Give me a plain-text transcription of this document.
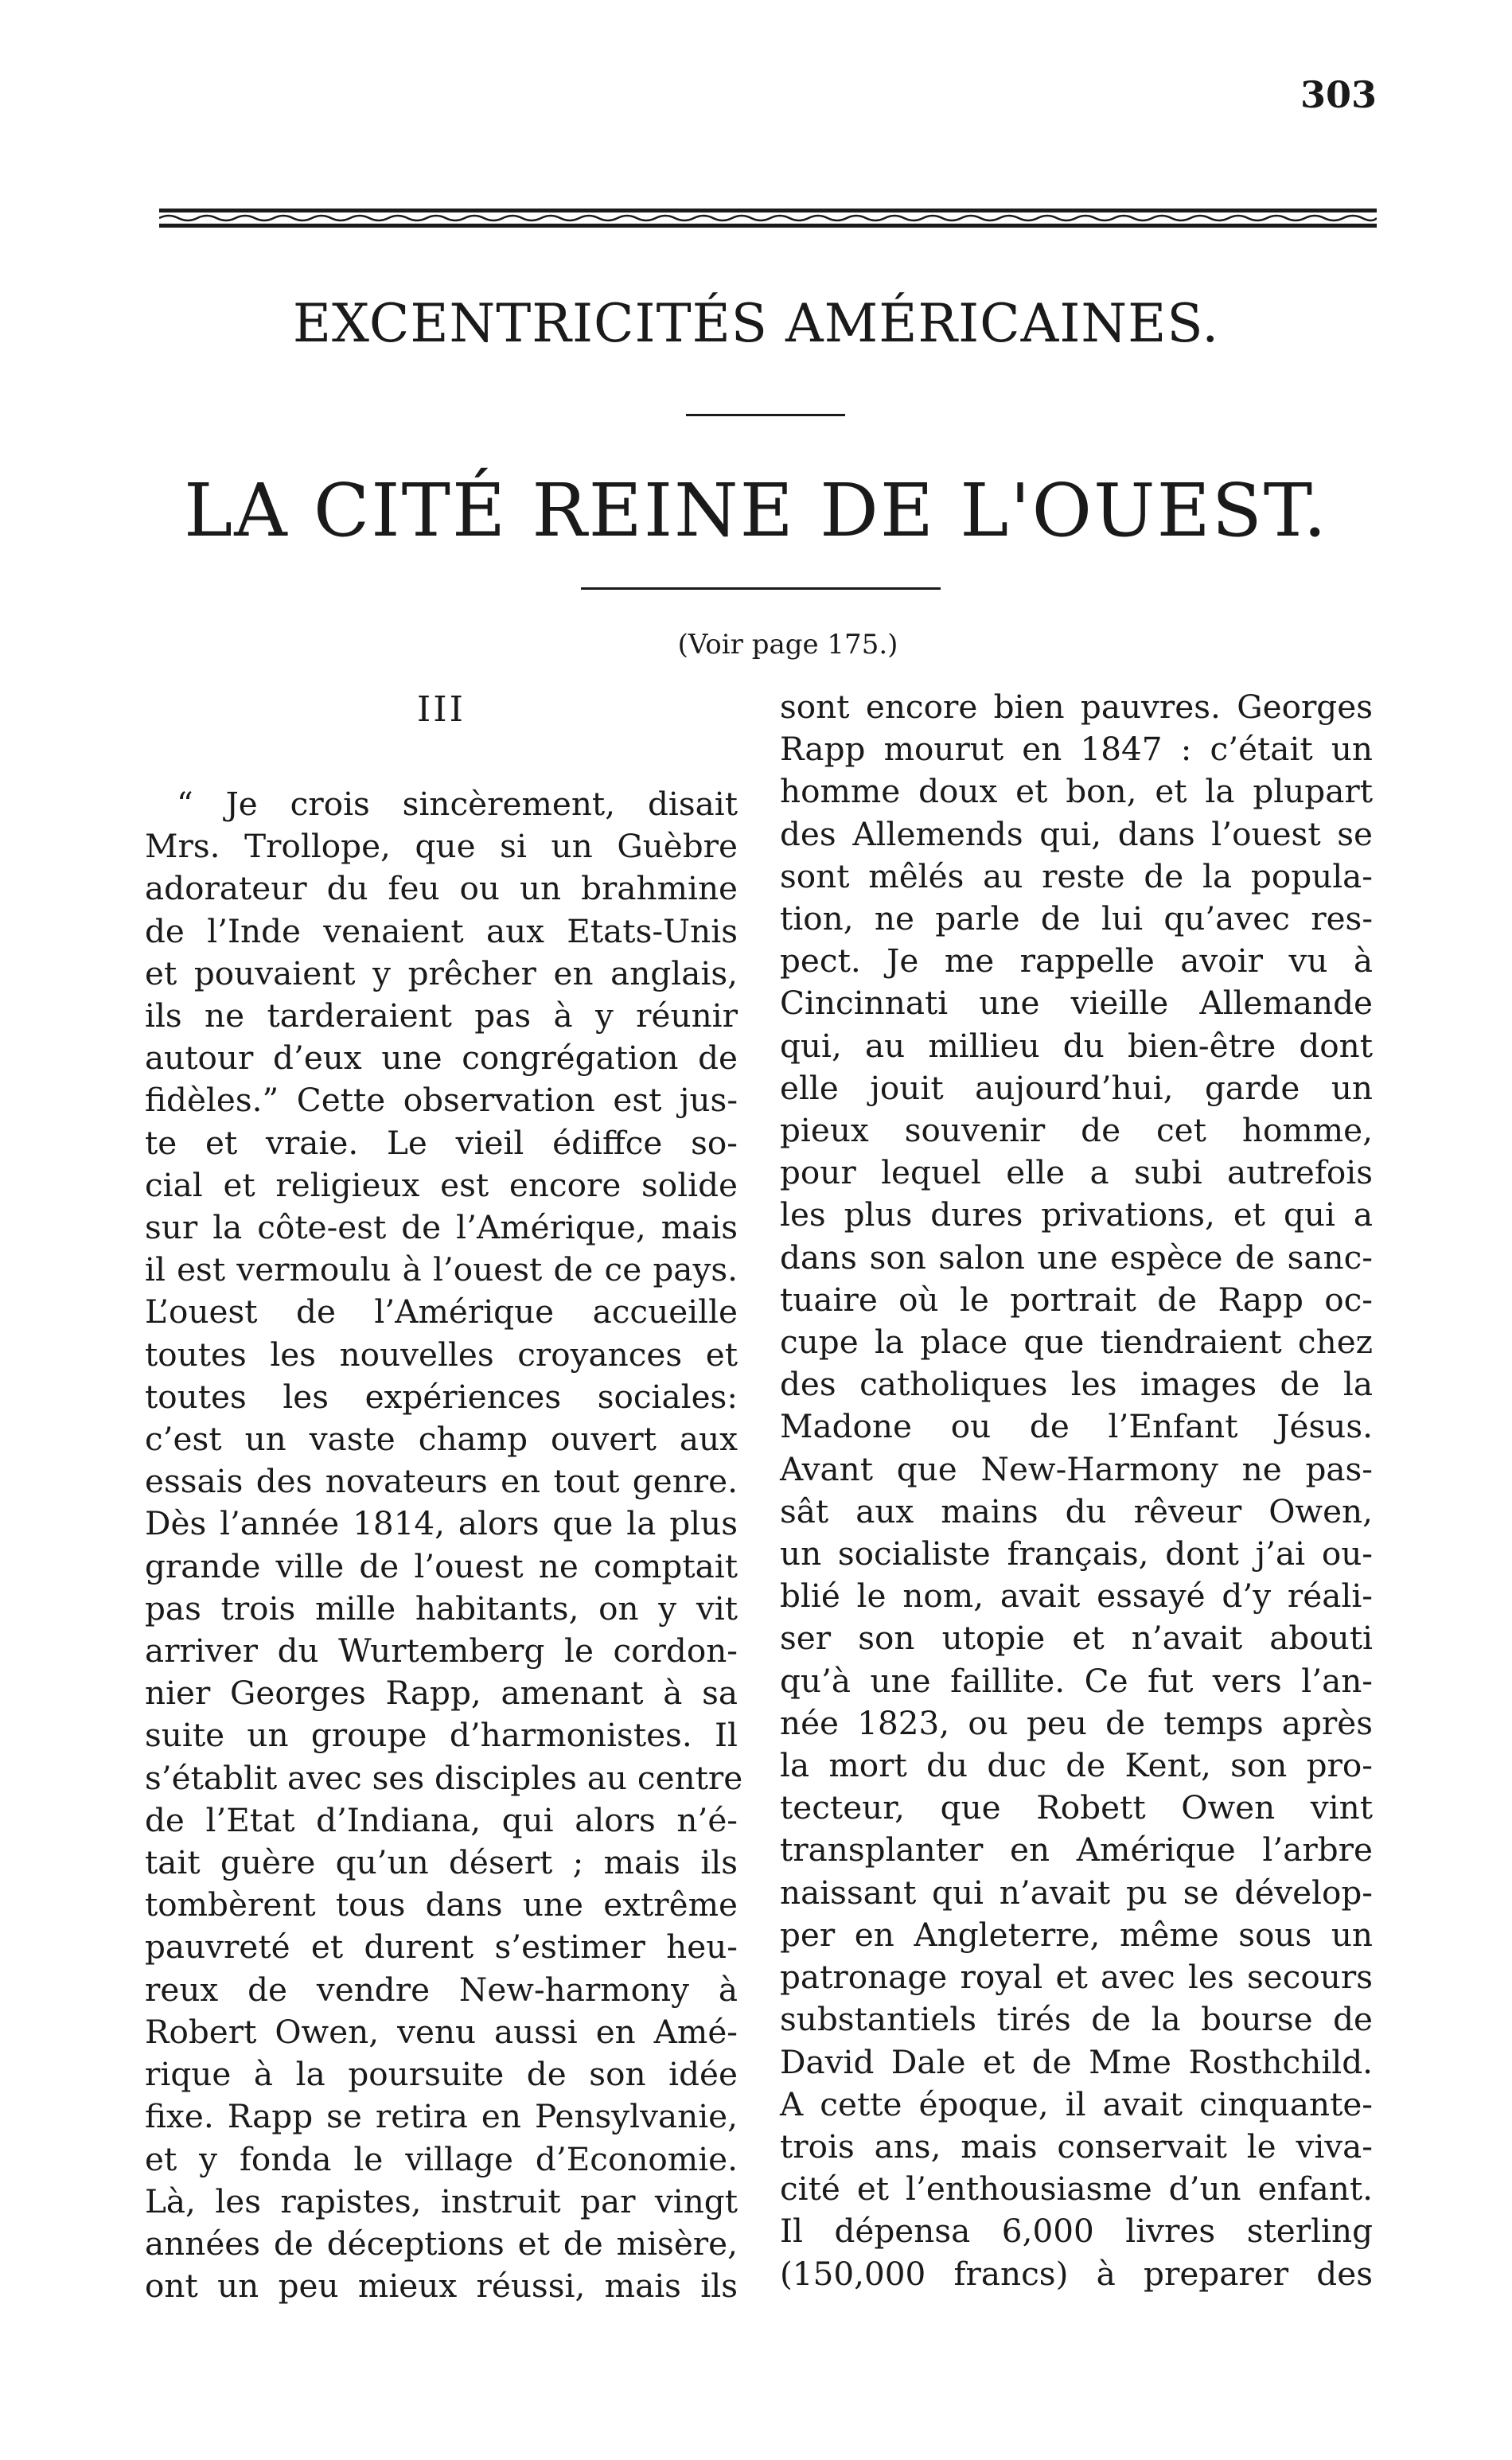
303
EXCENTRICITÉS AMÉRICAINES.
LA CITÉ REINE DE L'OUEST.
(Voir page 175.)
III
“ Je crois sincèrement, disait
Mrs. Trollope, que si un Guèbre
adorateur du feu ou un brahmine
de l’Inde venaient aux Etats-Unis
et pouvaient y prêcher en anglais,
ils ne tarderaient pas à y réunir
autour d’eux une congrégation de
fidèles.” Cette observation est jus-
te et vraie. Le vieil édiffce so-
cial et religieux est encore solide
sur la côte-est de l’Amérique, mais
il est vermoulu à l’ouest de ce pays.
L’ouest de l’Amérique accueille
toutes les nouvelles croyances et
toutes les expériences sociales:
c’est un vaste champ ouvert aux
essais des novateurs en tout genre.
Dès l’année 1814, alors que la plus
grande ville de l’ouest ne comptait
pas trois mille habitants, on y vit
arriver du Wurtemberg le cordon-
nier Georges Rapp, amenant à sa
suite un groupe d’harmonistes. Il
s’établit avec ses disciples au centre
de l’Etat d’Indiana, qui alors n’é-
tait guère qu’un désert ; mais ils
tombèrent tous dans une extrême
pauvreté et durent s’estimer heu-
reux de vendre New-harmony à
Robert Owen, venu aussi en Amé-
rique à la poursuite de son idée
fixe. Rapp se retira en Pensylvanie,
et y fonda le village d’Economie.
Là, les rapistes, instruit par vingt
années de déceptions et de misère,
ont un peu mieux réussi, mais ils
sont encore bien pauvres. Georges
Rapp mourut en 1847 : c’était un
homme doux et bon, et la plupart
des Allemends qui, dans l’ouest se
sont mêlés au reste de la popula-
tion, ne parle de lui qu’avec res-
pect. Je me rappelle avoir vu à
Cincinnati une vieille Allemande
qui, au millieu du bien-être dont
elle jouit aujourd’hui, garde un
pieux souvenir de cet homme,
pour lequel elle a subi autrefois
les plus dures privations, et qui a
dans son salon une espèce de sanc-
tuaire où le portrait de Rapp oc-
cupe la place que tiendraient chez
des catholiques les images de la
Madone ou de l’Enfant Jésus.
Avant que New-Harmony ne pas-
sât aux mains du rêveur Owen,
un socialiste français, dont j’ai ou-
blié le nom, avait essayé d’y réali-
ser son utopie et n’avait abouti
qu’à une faillite. Ce fut vers l’an-
née 1823, ou peu de temps après
la mort du duc de Kent, son pro-
tecteur, que Robett Owen vint
transplanter en Amérique l’arbre
naissant qui n’avait pu se dévelop-
per en Angleterre, même sous un
patronage royal et avec les secours
substantiels tirés de la bourse de
David Dale et de Mme Rosthchild.
A cette époque, il avait cinquante-
trois ans, mais conservait le viva-
cité et l’enthousiasme d’un enfant.
Il dépensa 6,000 livres sterling
(150,000 francs) à preparer des
